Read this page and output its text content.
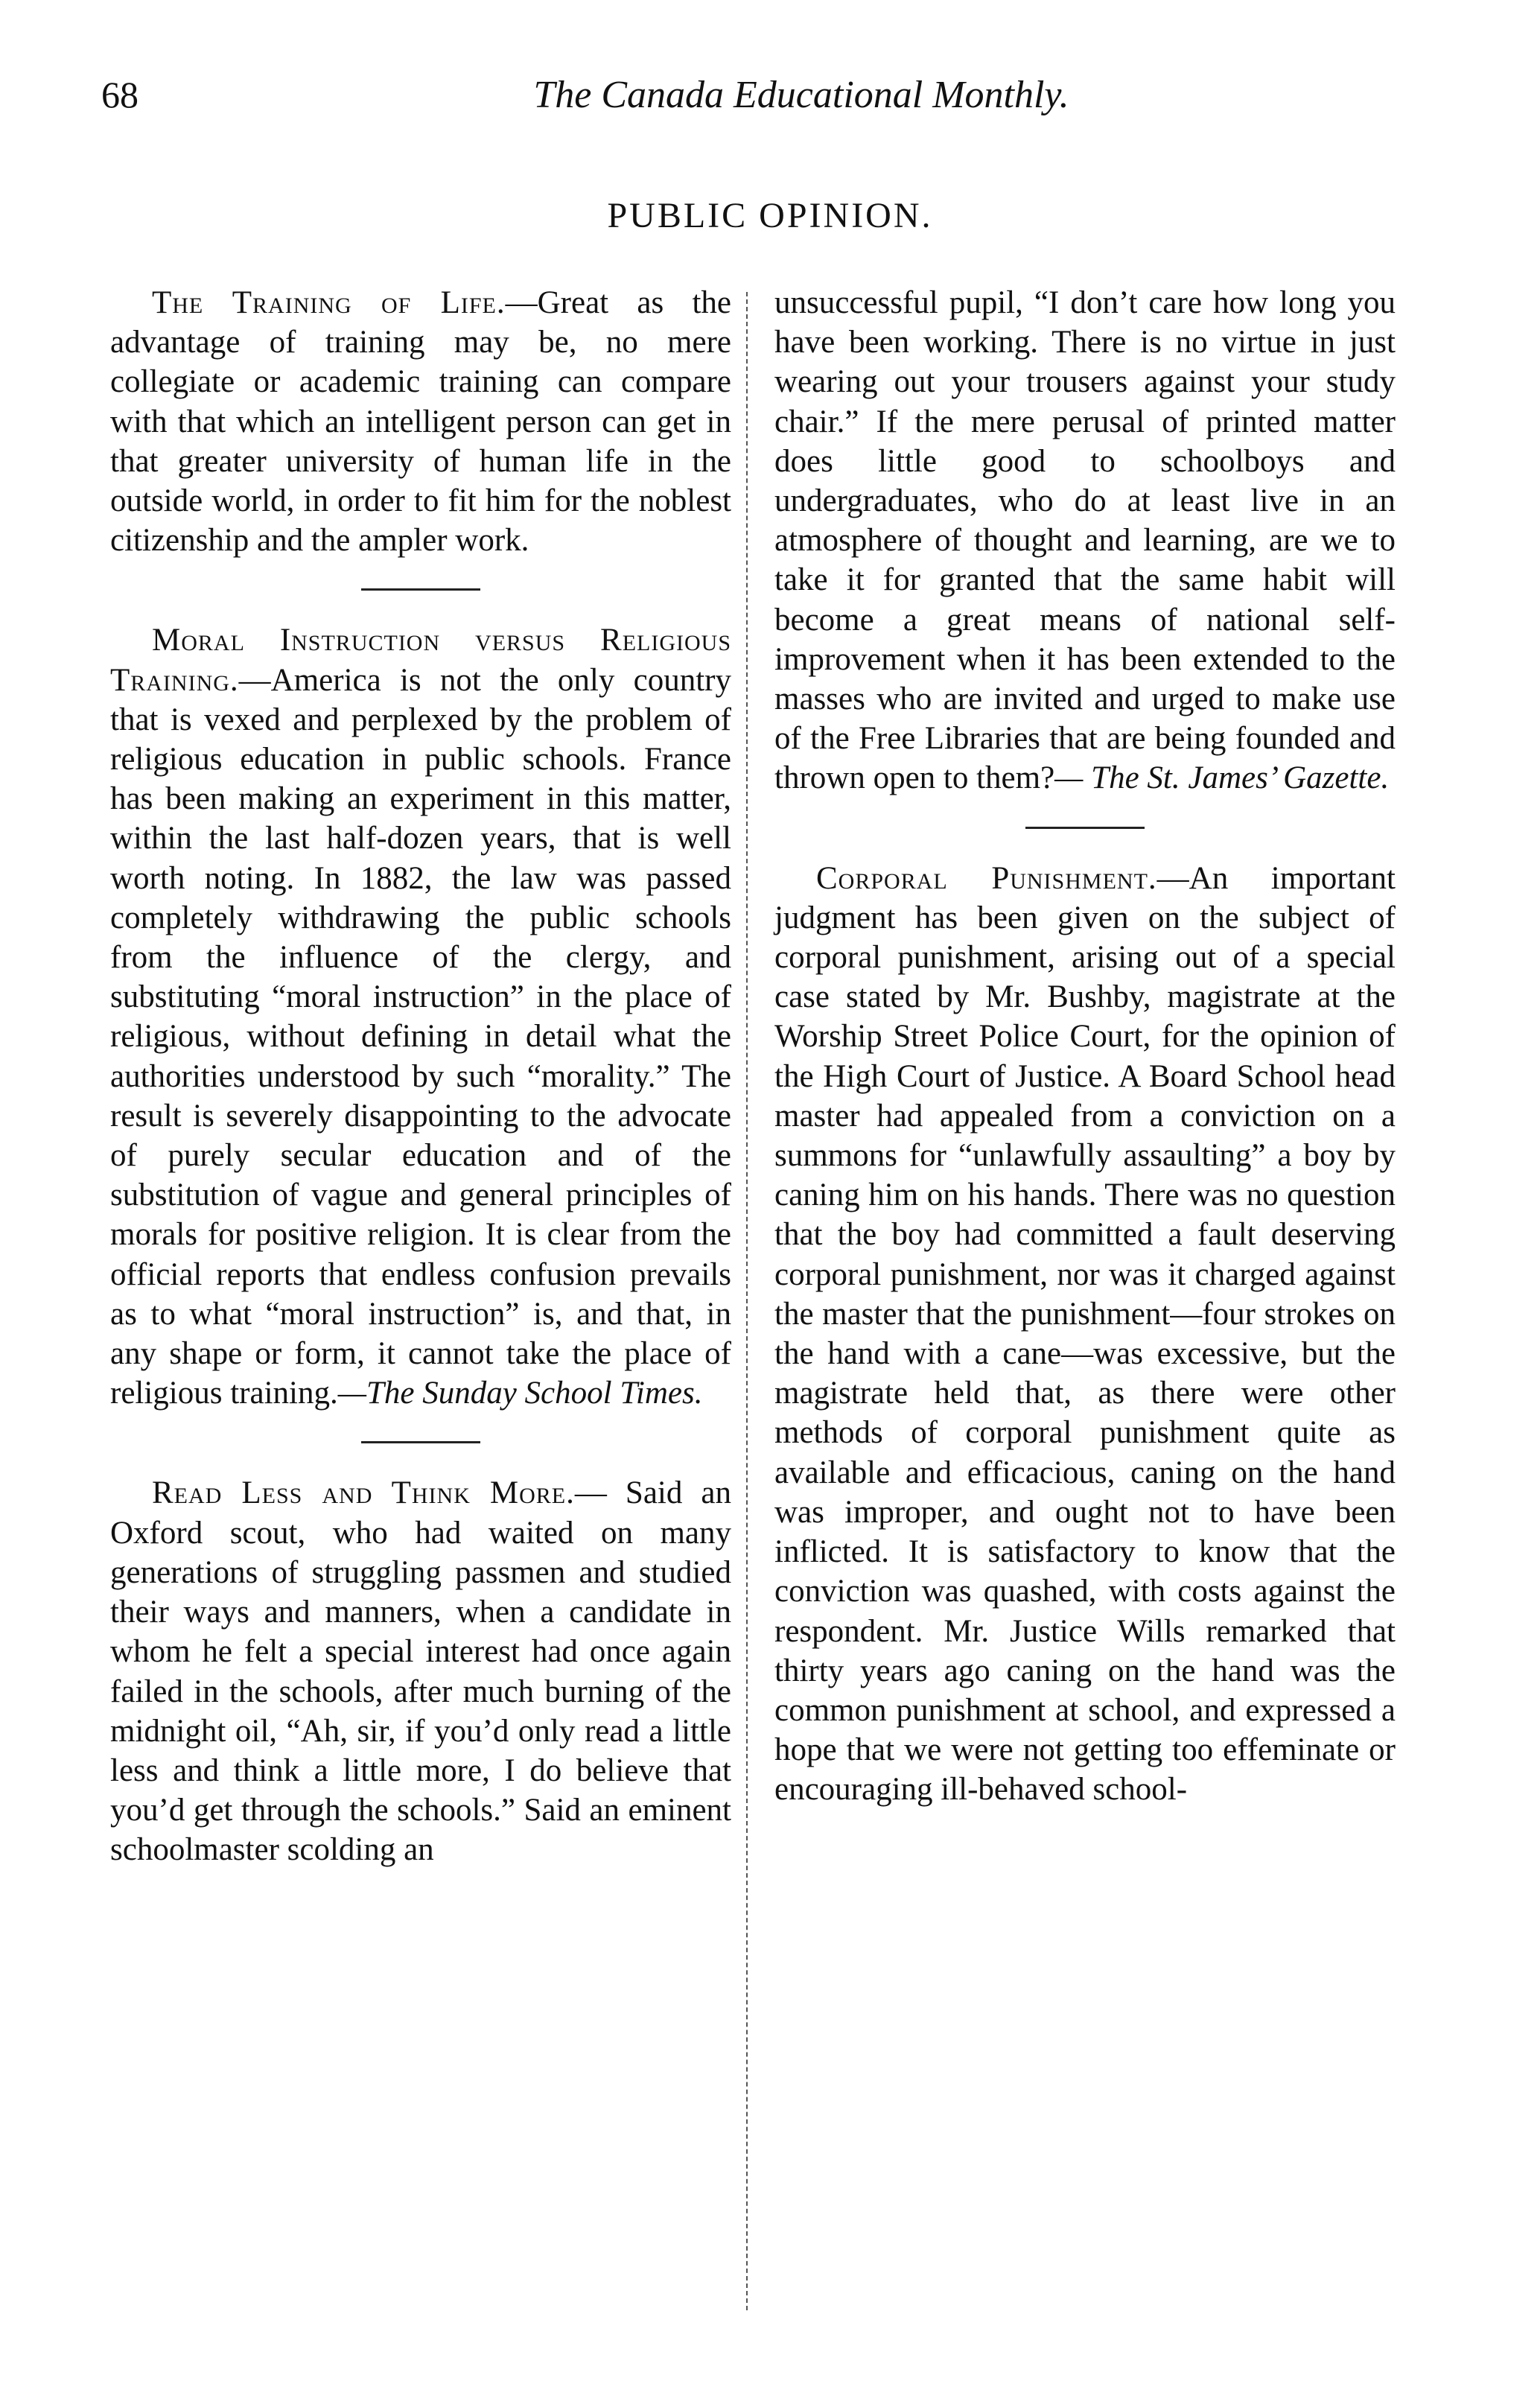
68	The Canada Educational Monthly.
PUBLIC OPINION.

The Training of Life.—Great as the advantage of training may be, no mere collegiate or academic training can compare with that which an intelligent person can get in that greater university of human life in the outside world, in order to fit him for the noblest citizenship and the ampler work.

Moral Instruction versus Religious Training.—America is not the only country that is vexed and perplexed by the problem of religious education in public schools. France has been making an experiment in this matter, within the last half-dozen years, that is well worth noting. In 1882, the law was passed completely withdrawing the public schools from the influence of the clergy, and substituting “moral instruction” in the place of religious, without defining in detail what the authorities understood by such “morality.” The result is severely disappointing to the advocate of purely secular education and of the substitution of vague and general principles of morals for positive religion. It is clear from the official reports that endless confusion prevails as to what “moral instruction” is, and that, in any shape or form, it cannot take the place of religious training.—The Sunday School Times.

Read Less and Think More.— Said an Oxford scout, who had waited on many generations of struggling passmen and studied their ways and manners, when a candidate in whom he felt a special interest had once again failed in the schools, after much burning of the midnight oil, “Ah, sir, if you’d only read a little less and think a little more, I do believe that you’d get through the schools.” Said an eminent schoolmaster scolding an

unsuccessful pupil, “I don’t care how long you have been working. There is no virtue in just wearing out your trousers against your study chair.” If the mere perusal of printed matter does little good to schoolboys and undergraduates, who do at least live in an atmosphere of thought and learning, are we to take it for granted that the same habit will become a great means of national self-improvement when it has been extended to the masses who are invited and urged to make use of the Free Libraries that are being founded and thrown open to them?— The St. James’ Gazette.

Corporal Punishment.—An important judgment has been given on the subject of corporal punishment, arising out of a special case stated by Mr. Bushby, magistrate at the Worship Street Police Court, for the opinion of the High Court of Justice. A Board School head master had appealed from a conviction on a summons for “unlawfully assaulting” a boy by caning him on his hands. There was no question that the boy had committed a fault deserving corporal punishment, nor was it charged against the master that the punishment—four strokes on the hand with a cane—was excessive, but the magistrate held that, as there were other methods of corporal punishment quite as available and efficacious, caning on the hand was improper, and ought not to have been inflicted. It is satisfactory to know that the conviction was quashed, with costs against the respondent. Mr. Justice Wills remarked that thirty years ago caning on the hand was the common punishment at school, and expressed a hope that we were not getting too effeminate or encouraging ill-behaved school-
